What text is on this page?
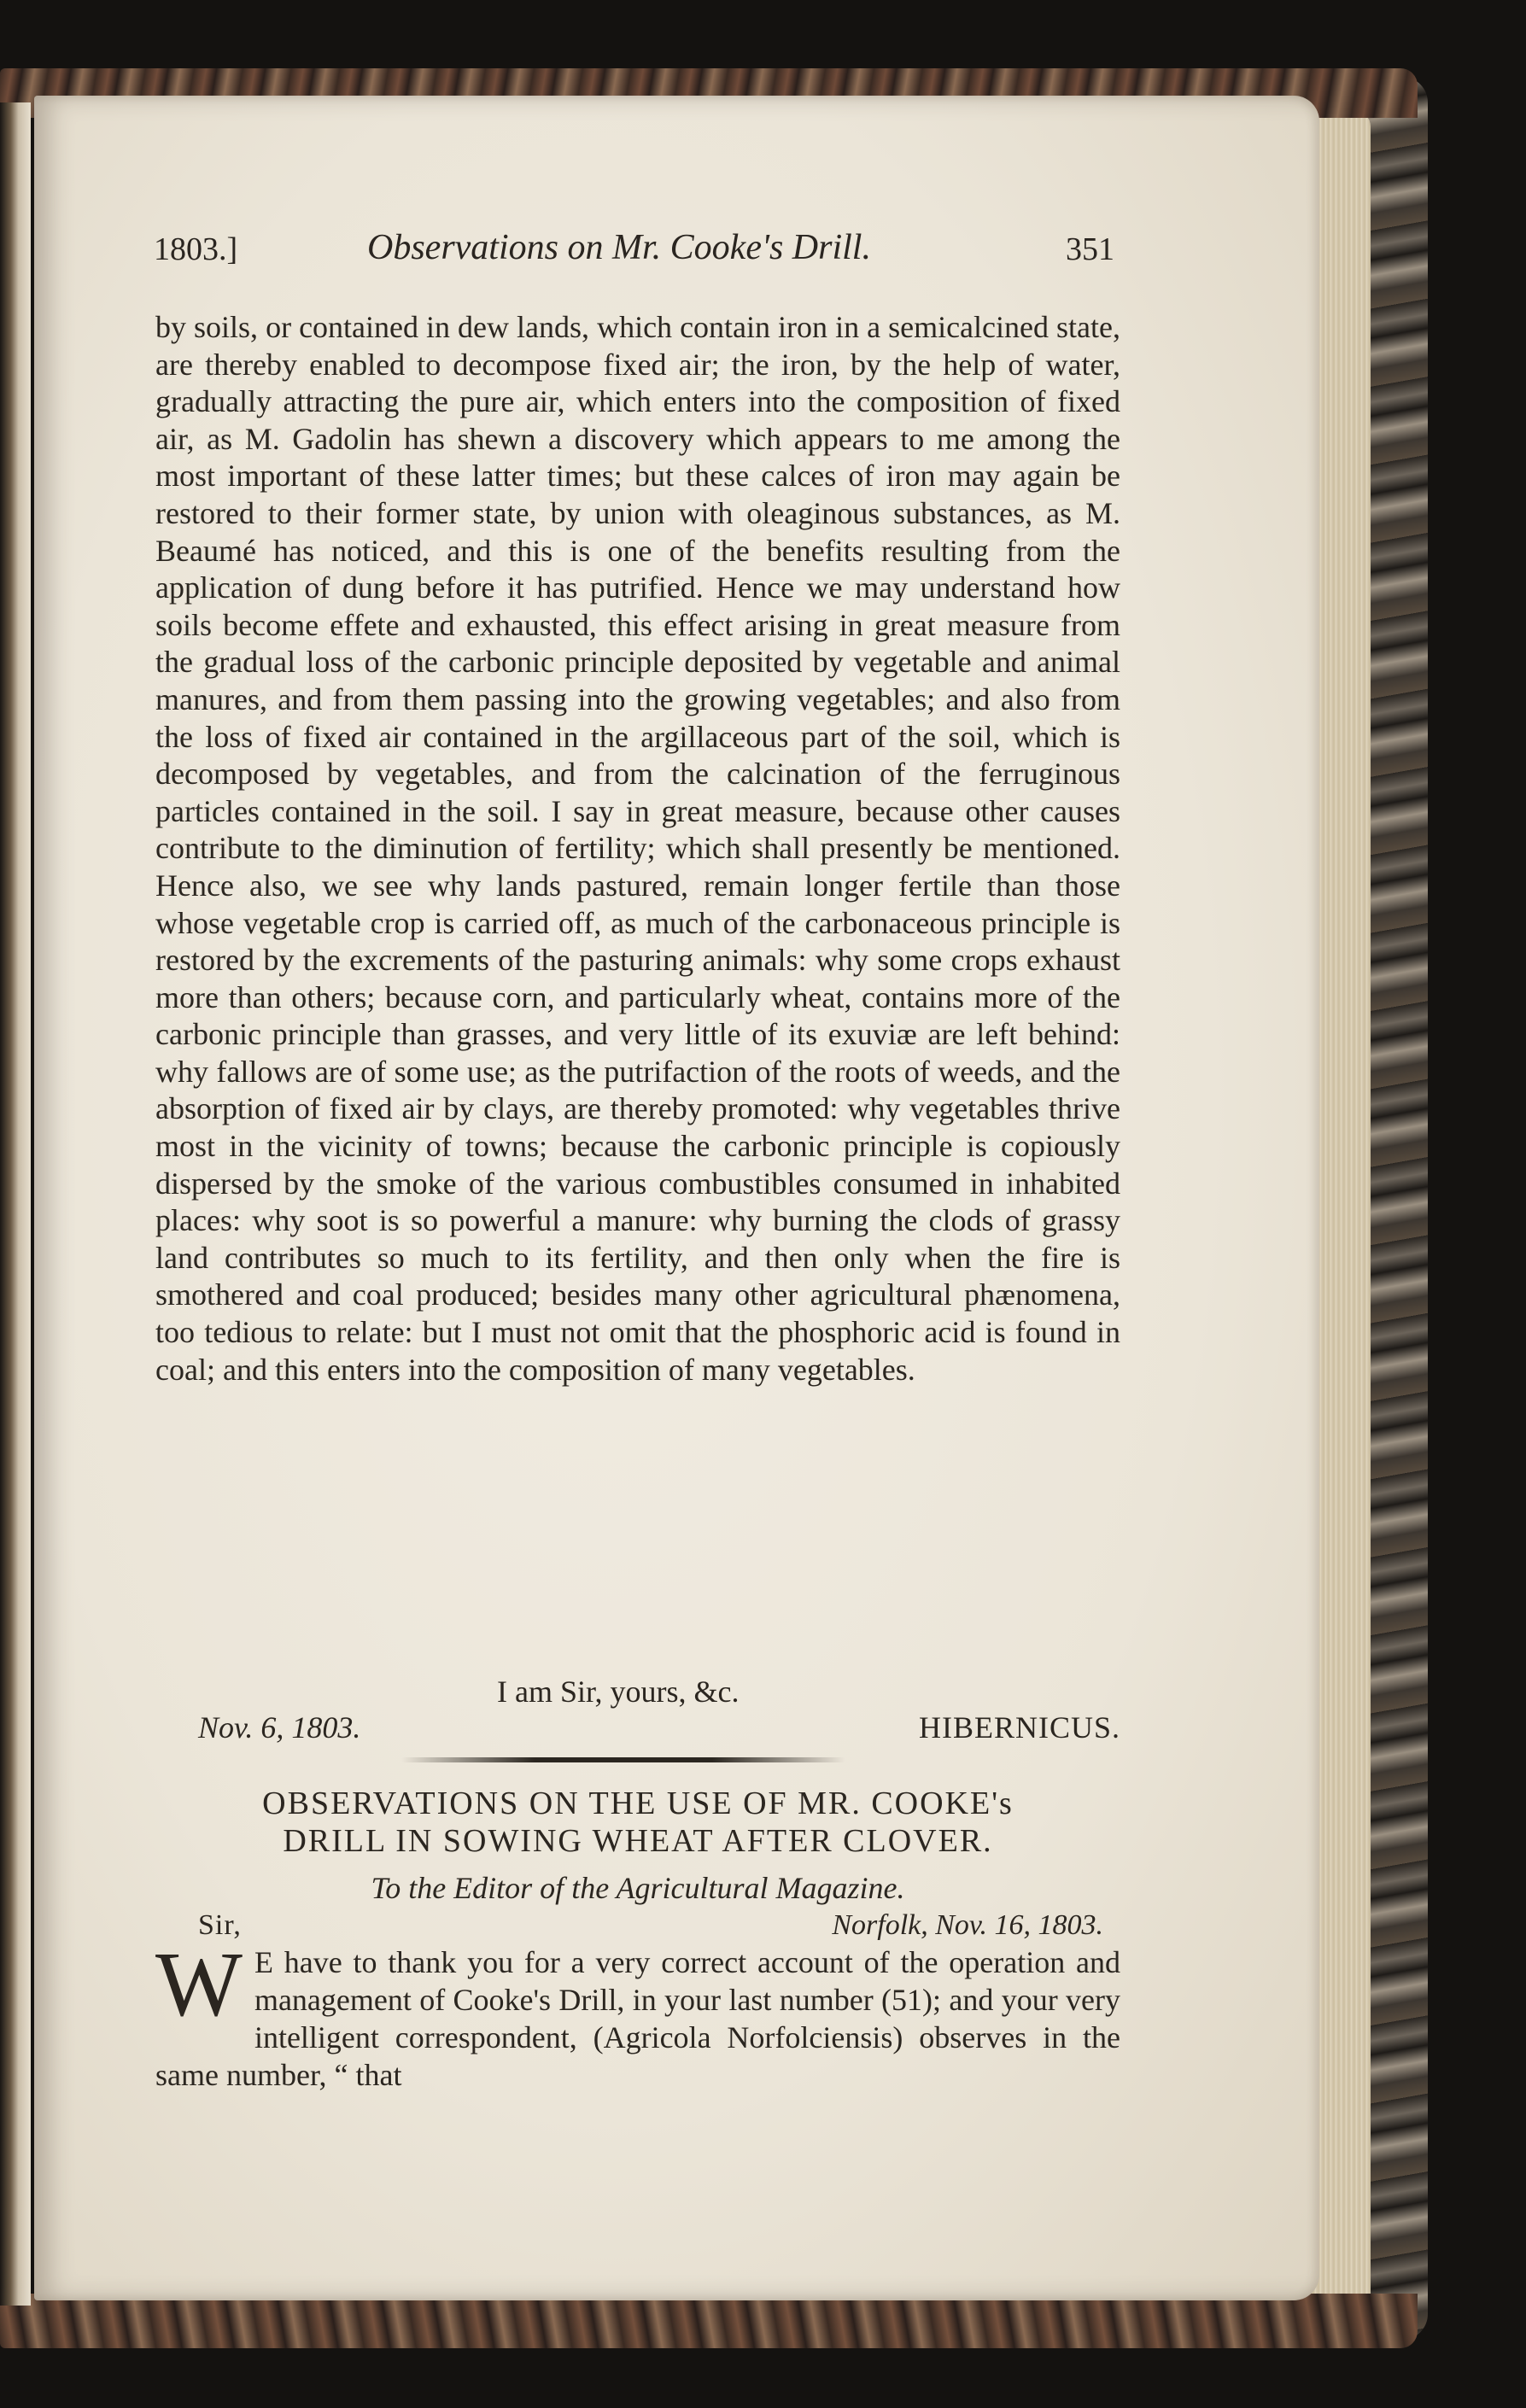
1803.]	Observations on Mr. Cooke's Drill.	351

by soils, or contained in dew lands, which contain iron in a semicalcined state, are thereby enabled to decompose fixed air; the iron, by the help of water, gradually attracting the pure air, which enters into the composition of fixed air, as M. Gadolin has shewn a discovery which appears to me among the most important of these latter times; but these calces of iron may again be restored to their former state, by union with oleaginous substances, as M. Beaumé has noticed, and this is one of the benefits resulting from the application of dung before it has putrified. Hence we may understand how soils become effete and exhausted, this effect arising in great measure from the gradual loss of the carbonic principle deposited by vegetable and animal manures, and from them passing into the growing vegetables; and also from the loss of fixed air contained in the argillaceous part of the soil, which is decomposed by vegetables, and from the calcination of the ferruginous particles contained in the soil. I say in great measure, because other causes contribute to the diminution of fertility; which shall presently be mentioned. Hence also, we see why lands pastured, remain longer fertile than those whose vegetable crop is carried off, as much of the carbonaceous principle is restored by the excrements of the pasturing animals: why some crops exhaust more than others; because corn, and particularly wheat, contains more of the carbonic principle than grasses, and very little of its exuviæ are left behind: why fallows are of some use; as the putrifaction of the roots of weeds, and the absorption of fixed air by clays, are thereby promoted: why vegetables thrive most in the vicinity of towns; because the carbonic principle is copiously dispersed by the smoke of the various combustibles consumed in inhabited places: why soot is so powerful a manure: why burning the clods of grassy land contributes so much to its fertility, and then only when the fire is smothered and coal produced; besides many other agricultural phænomena, too tedious to relate: but I must not omit that the phosphoric acid is found in coal; and this enters into the composition of many vegetables.

I am Sir, yours, &c.
Nov. 6, 1803.	HIBERNICUS.
OBSERVATIONS ON THE USE OF MR. COOKE's
DRILL IN SOWING WHEAT AFTER CLOVER.
To the Editor of the Agricultural Magazine.
Sir,	Norfolk, Nov. 16, 1803.
W E have to thank you for a very correct account of the operation and management of Cooke's Drill, in your last number (51); and your very intelligent correspondent, (Agricola Norfolciensis) observes in the same number, “ that
